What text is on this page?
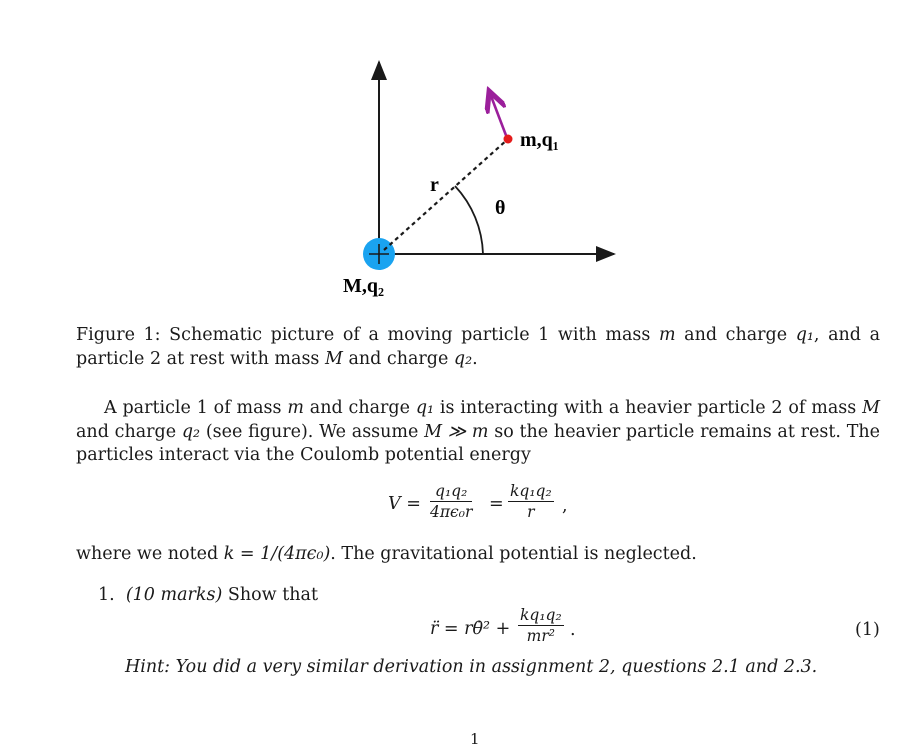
r
θ
m,q₁
M,q₂
Figure 1: Schematic picture of a moving particle 1 with mass m and charge q₁, and a particle 2 at rest with mass M and charge q₂.
A particle 1 of mass m and charge q₁ is interacting with a heavier particle 2 of mass M and charge q₂ (see figure). We assume M ≫ m so the heavier particle remains at rest. The particles interact via the Coulomb potential energy
$V = \frac{\text{q₁q₂}}{\text{4πϵ₀r}} = \frac{\text{kq₁q₂}}{r}$ ,
where we noted k = 1/(4πϵ₀). The gravitational potential is neglected.
1. (10 marks) Show that
r̈ = rθ̇² + $\frac{\text{kq₁q₂}}{\text{mr²}}$ .	(1)
Hint: You did a very similar derivation in assignment 2, questions 2.1 and 2.3.
1
